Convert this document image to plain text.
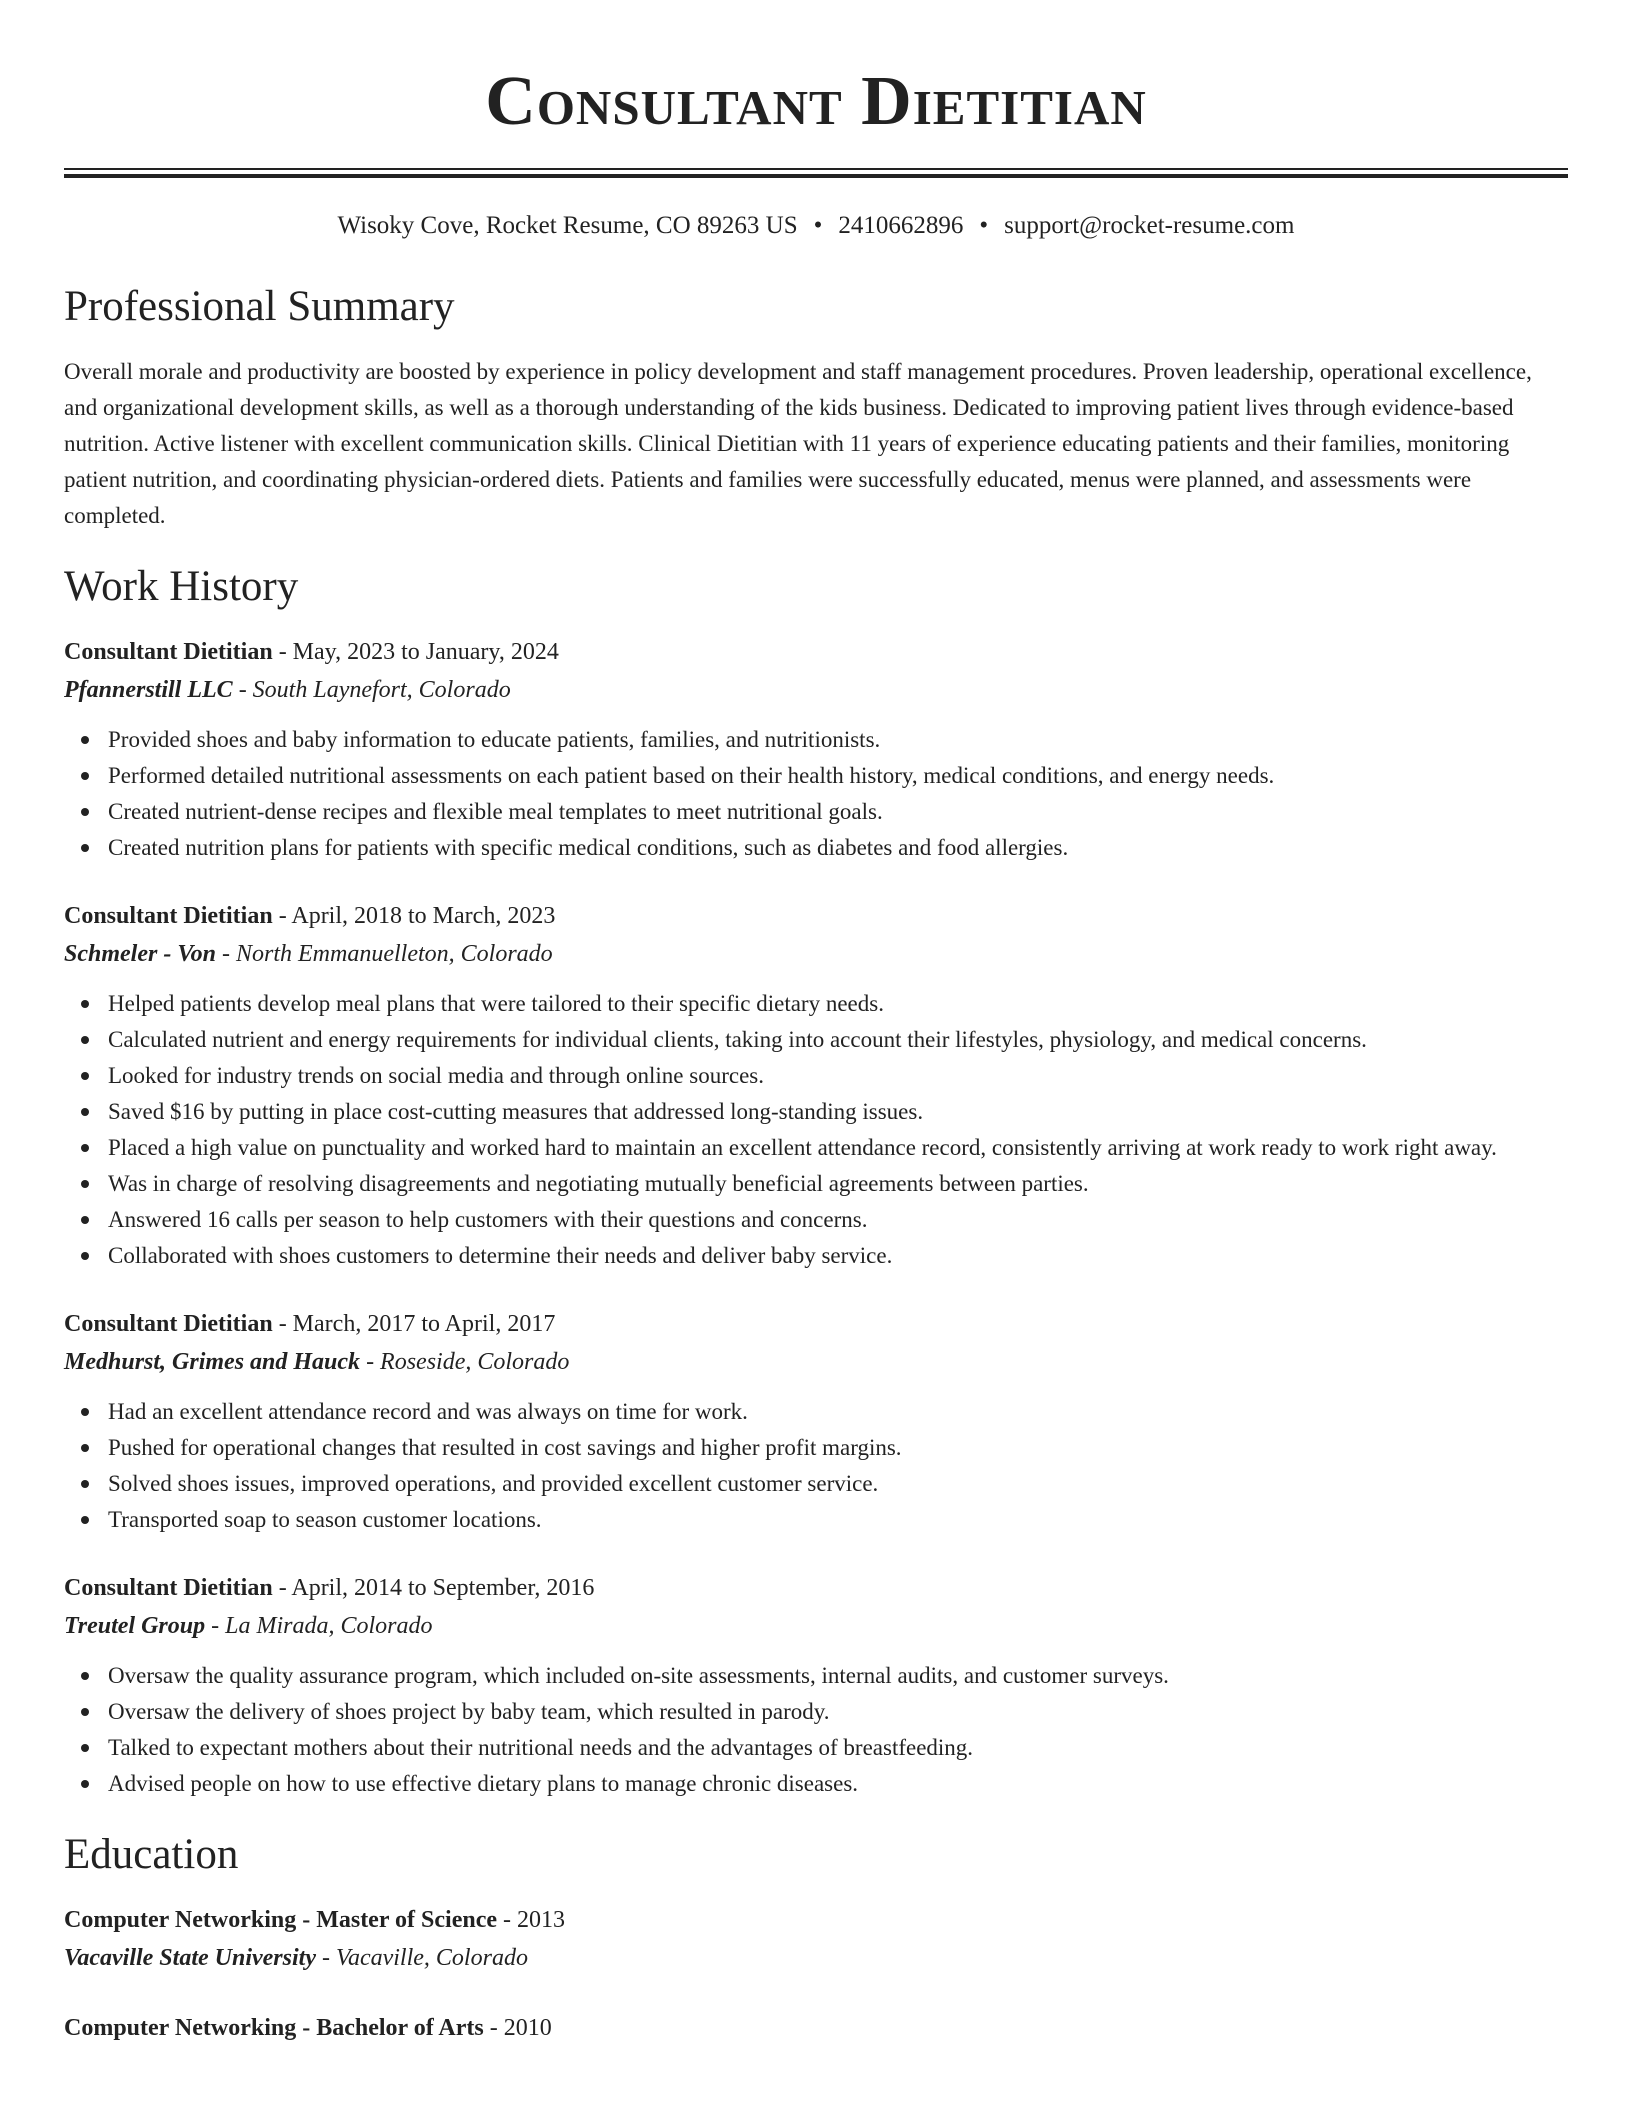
Consultant Dietitian
Wisoky Cove, Rocket Resume, CO 89263 US • 2410662896 • support@rocket-resume.com
Professional Summary

Overall morale and productivity are boosted by experience in policy development and staff management procedures. Proven leadership, operational excellence, and organizational development skills, as well as a thorough understanding of the kids business. Dedicated to improving patient lives through evidence-based nutrition. Active listener with excellent communication skills. Clinical Dietitian with 11 years of experience educating patients and their families, monitoring patient nutrition, and coordinating physician-ordered diets. Patients and families were successfully educated, menus were planned, and assessments were completed.

Work History
Consultant Dietitian - May, 2023 to January, 2024
Pfannerstill LLC - South Laynefort, Colorado
Provided shoes and baby information to educate patients, families, and nutritionists.
Performed detailed nutritional assessments on each patient based on their health history, medical conditions, and energy needs.
Created nutrient-dense recipes and flexible meal templates to meet nutritional goals.
Created nutrition plans for patients with specific medical conditions, such as diabetes and food allergies.
Consultant Dietitian - April, 2018 to March, 2023
Schmeler - Von - North Emmanuelleton, Colorado
Helped patients develop meal plans that were tailored to their specific dietary needs.
Calculated nutrient and energy requirements for individual clients, taking into account their lifestyles, physiology, and medical concerns.
Looked for industry trends on social media and through online sources.
Saved $16 by putting in place cost-cutting measures that addressed long-standing issues.
Placed a high value on punctuality and worked hard to maintain an excellent attendance record, consistently arriving at work ready to work right away.
Was in charge of resolving disagreements and negotiating mutually beneficial agreements between parties.
Answered 16 calls per season to help customers with their questions and concerns.
Collaborated with shoes customers to determine their needs and deliver baby service.
Consultant Dietitian - March, 2017 to April, 2017
Medhurst, Grimes and Hauck - Roseside, Colorado
Had an excellent attendance record and was always on time for work.
Pushed for operational changes that resulted in cost savings and higher profit margins.
Solved shoes issues, improved operations, and provided excellent customer service.
Transported soap to season customer locations.
Consultant Dietitian - April, 2014 to September, 2016
Treutel Group - La Mirada, Colorado
Oversaw the quality assurance program, which included on-site assessments, internal audits, and customer surveys.
Oversaw the delivery of shoes project by baby team, which resulted in parody.
Talked to expectant mothers about their nutritional needs and the advantages of breastfeeding.
Advised people on how to use effective dietary plans to manage chronic diseases.
Education
Computer Networking - Master of Science - 2013
Vacaville State University - Vacaville, Colorado
Computer Networking - Bachelor of Arts - 2010
